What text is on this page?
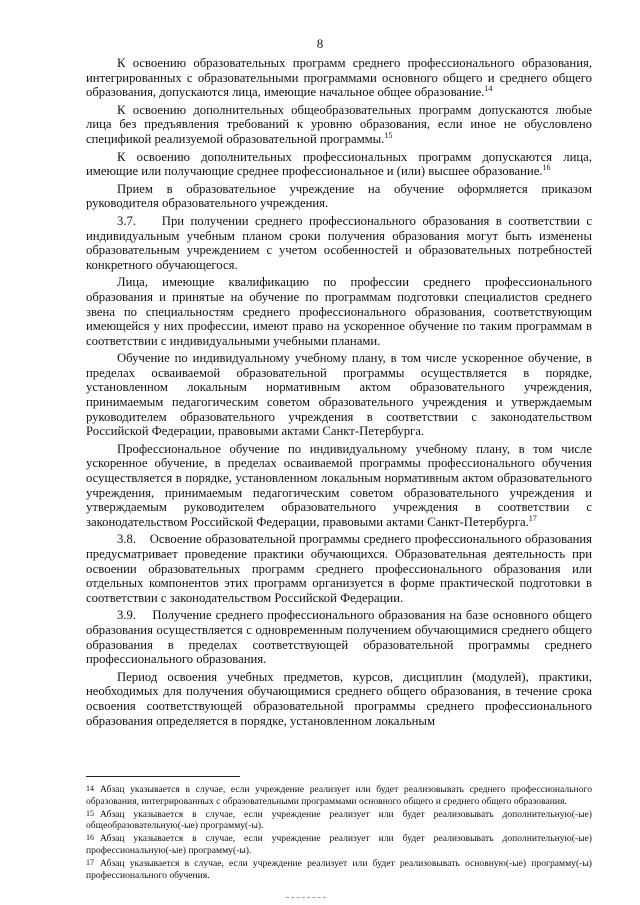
8

К освоению образовательных программ среднего профессионального образования, интегрированных с образовательными программами основного общего и среднего общего образования, допускаются лица, имеющие начальное общее образование.$^{14}$

К освоению дополнительных общеобразовательных программ допускаются любые лица без предъявления требований к уровню образования, если иное не обусловлено спецификой реализуемой образовательной программы.$^{15}$

К освоению дополнительных профессиональных программ допускаются лица, имеющие или получающие среднее профессиональное и (или) высшее образование.$^{16}$

Прием в образовательное учреждение на обучение оформляется приказом руководителя образовательного учреждения.

3.7.    При получении среднего профессионального образования в соответствии с индивидуальным учебным планом сроки получения образования могут быть изменены образовательным учреждением с учетом особенностей и образовательных потребностей конкретного обучающегося.

Лица, имеющие квалификацию по профессии среднего профессионального образования и принятые на обучение по программам подготовки специалистов среднего звена по специальностям среднего профессионального образования, соответствующим имеющейся у них профессии, имеют право на ускоренное обучение по таким программам в соответствии с индивидуальными учебными планами.

Обучение по индивидуальному учебному плану, в том числе ускоренное обучение, в пределах осваиваемой образовательной программы осуществляется в порядке, установленном локальным нормативным актом образовательного учреждения, принимаемым педагогическим советом образовательного учреждения и утверждаемым руководителем образовательного учреждения в соответствии с законодательством Российской Федерации, правовыми актами Санкт-Петербурга.

Профессиональное обучение по индивидуальному учебному плану, в том числе ускоренное обучение, в пределах осваиваемой программы профессионального обучения осуществляется в порядке, установленном локальным нормативным актом образовательного учреждения, принимаемым педагогическим советом образовательного учреждения и утверждаемым руководителем образовательного учреждения в соответствии с законодательством Российской Федерации, правовыми актами Санкт-Петербурга.$^{17}$

3.8.    Освоение образовательной программы среднего профессионального образования предусматривает проведение практики обучающихся. Образовательная деятельность при освоении образовательных программ среднего профессионального образования или отдельных компонентов этих программ организуется в форме практической подготовки в соответствии с законодательством Российской Федерации.

3.9.    Получение среднего профессионального образования на базе основного общего образования осуществляется с одновременным получением обучающимися среднего общего образования в пределах соответствующей образовательной программы среднего профессионального образования.

Период освоения учебных предметов, курсов, дисциплин (модулей), практики, необходимых для получения обучающимися среднего общего образования, в течение срока освоения соответствующей образовательной программы среднего профессионального образования определяется в порядке, установленном локальным

14 Абзац указывается в случае, если учреждение реализует или будет реализовывать среднего профессионального образования, интегрированных с образовательными программами основного общего и среднего общего образования.

15 Абзац указывается в случае, если учреждение реализует или будет реализовывать дополнительную(-ые) общеобразовательную(-ые) программу(-ы).

16 Абзац указывается в случае, если учреждение реализует или будет реализовывать дополнительную(-ые) профессиональную(-ые) программу(-ы).

17 Абзац указывается в случае, если учреждение реализует или будет реализовывать основную(-ые) программу(-ы) профессионального обучения.
